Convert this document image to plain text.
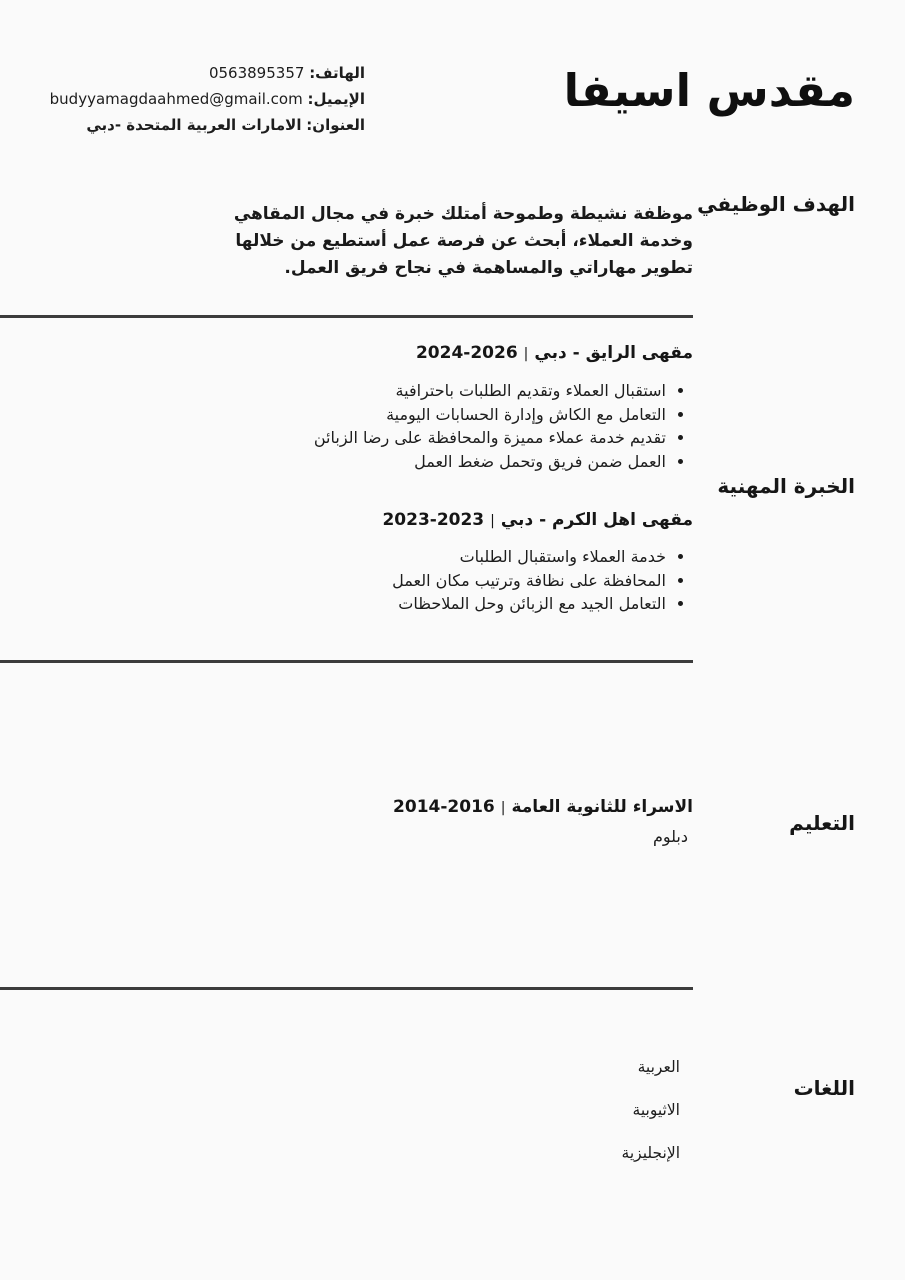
مقدس اسيفا
الهاتف: 0563895357
الإيميل: budyyamagdaahmed@gmail.com
العنوان: الامارات العربية المتحدة -دبي
الهدف الوظيفي

موظفة نشيطة وطموحة أمتلك خبرة في مجال المقاهي وخدمة العملاء، أبحث عن فرصة عمل أستطيع من خلالها تطوير مهاراتي والمساهمة في نجاح فريق العمل.

الخبرة المهنية
مقهى الرايق - دبي|2024-2026
استقبال العملاء وتقديم الطلبات باحترافية
التعامل مع الكاش وإدارة الحسابات اليومية
تقديم خدمة عملاء مميزة والمحافظة على رضا الزبائن
العمل ضمن فريق وتحمل ضغط العمل
مقهى اهل الكرم - دبي|2023-2023
خدمة العملاء واستقبال الطلبات
المحافظة على نظافة وترتيب مكان العمل
التعامل الجيد مع الزبائن وحل الملاحظات
التعليم
الاسراء للثانوية العامة|2014-2016
دبلوم
اللغات
العربية
الاثيوبية
الإنجليزية
